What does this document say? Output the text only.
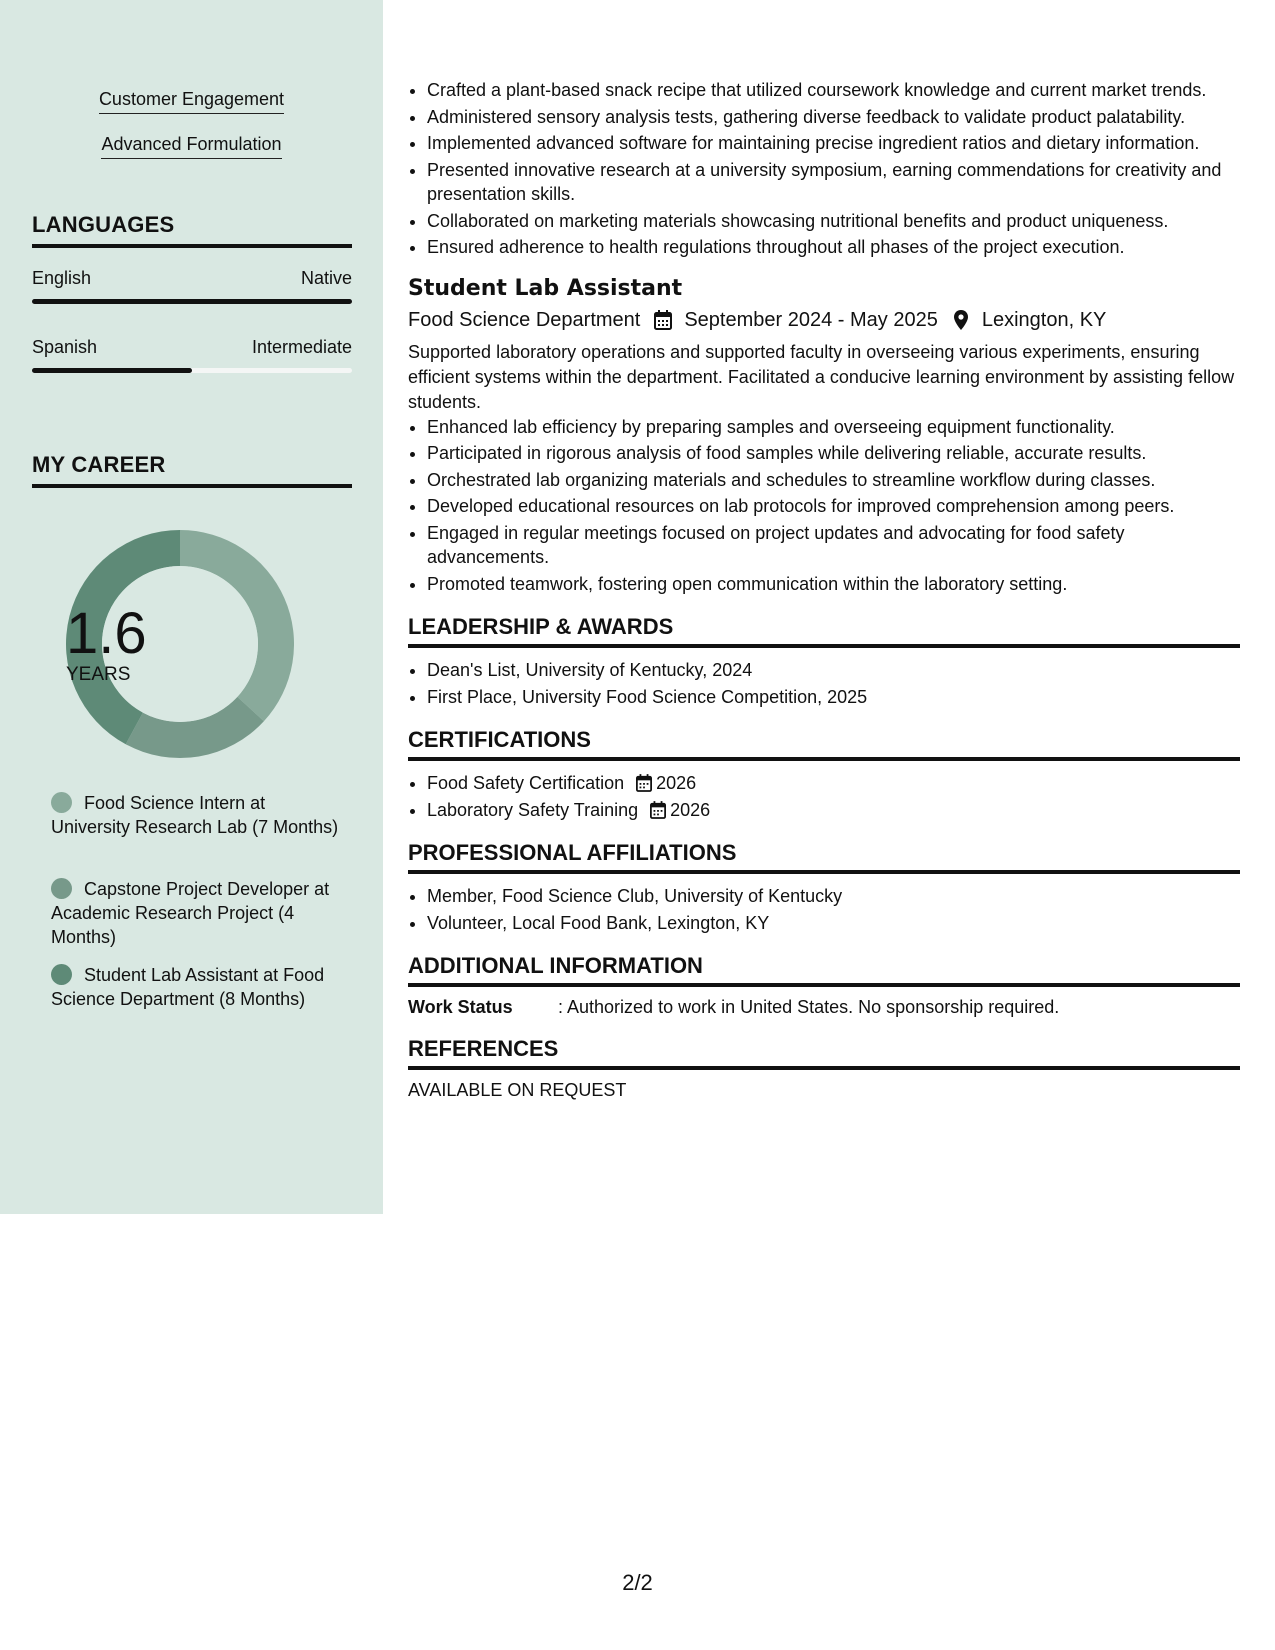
Customer Engagement
Advanced Formulation
LANGUAGES
English	Native
Spanish	Intermediate
MY CAREER
1.6
YEARS
Food Science Intern at University Research Lab (7 Months)
Capstone Project Developer at Academic Research Project (4 Months)
Student Lab Assistant at Food Science Department (8 Months)
• Crafted a plant-based snack recipe that utilized coursework knowledge and current market trends.
• Administered sensory analysis tests, gathering diverse feedback to validate product palatability.
• Implemented advanced software for maintaining precise ingredient ratios and dietary information.
• Presented innovative research at a university symposium, earning commendations for creativity and presentation skills.
• Collaborated on marketing materials showcasing nutritional benefits and product uniqueness.
• Ensured adherence to health regulations throughout all phases of the project execution.
Student Lab Assistant
Food Science Department September 2024 - May 2025 Lexington, KY
Supported laboratory operations and supported faculty in overseeing various experiments, ensuring efficient systems within the department. Facilitated a conducive learning environment by assisting fellow students.
• Enhanced lab efficiency by preparing samples and overseeing equipment functionality.
• Participated in rigorous analysis of food samples while delivering reliable, accurate results.
• Orchestrated lab organizing materials and schedules to streamline workflow during classes.
• Developed educational resources on lab protocols for improved comprehension among peers.
• Engaged in regular meetings focused on project updates and advocating for food safety advancements.
• Promoted teamwork, fostering open communication within the laboratory setting.
LEADERSHIP & AWARDS
• Dean's List, University of Kentucky, 2024
• First Place, University Food Science Competition, 2025
CERTIFICATIONS
• Food Safety Certification 2026
• Laboratory Safety Training 2026
PROFESSIONAL AFFILIATIONS
• Member, Food Science Club, University of Kentucky
• Volunteer, Local Food Bank, Lexington, KY
ADDITIONAL INFORMATION
Work Status	: Authorized to work in United States. No sponsorship required.
REFERENCES
AVAILABLE ON REQUEST
2/2
